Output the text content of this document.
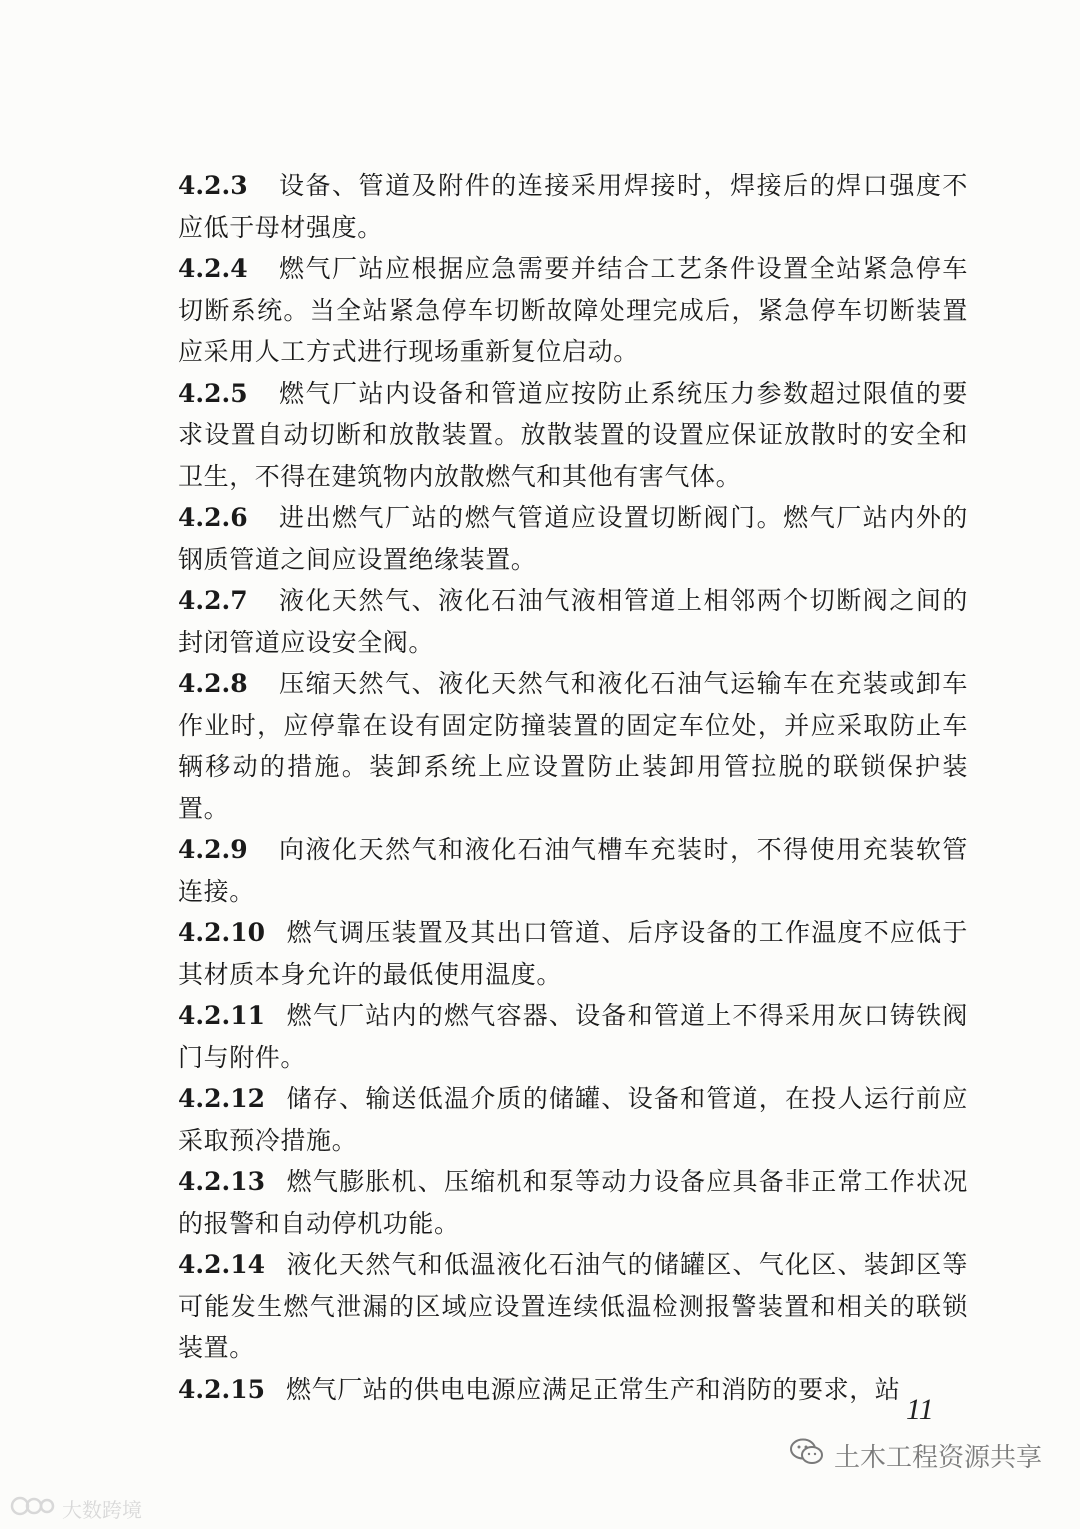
4.2.3 设备、管道及附件的连接采用焊接时，焊接后的焊口强度不应低于母材强度。

4.2.4 燃气厂站应根据应急需要并结合工艺条件设置全站紧急停车切断系统。当全站紧急停车切断故障处理完成后，紧急停车切断装置应采用人工方式进行现场重新复位启动。

4.2.5 燃气厂站内设备和管道应按防止系统压力参数超过限值的要求设置自动切断和放散装置。放散装置的设置应保证放散时的安全和卫生，不得在建筑物内放散燃气和其他有害气体。

4.2.6 进出燃气厂站的燃气管道应设置切断阀门。燃气厂站内外的钢质管道之间应设置绝缘装置。

4.2.7 液化天然气、液化石油气液相管道上相邻两个切断阀之间的封闭管道应设安全阀。

4.2.8 压缩天然气、液化天然气和液化石油气运输车在充装或卸车作业时，应停靠在设有固定防撞装置的固定车位处，并应采取防止车辆移动的措施。装卸系统上应设置防止装卸用管拉脱的联锁保护装置。

4.2.9 向液化天然气和液化石油气槽车充装时，不得使用充装软管连接。

4.2.10 燃气调压装置及其出口管道、后序设备的工作温度不应低于其材质本身允许的最低使用温度。

4.2.11 燃气厂站内的燃气容器、设备和管道上不得采用灰口铸铁阀门与附件。

4.2.12 储存、输送低温介质的储罐、设备和管道，在投人运行前应采取预冷措施。

4.2.13 燃气膨胀机、压缩机和泵等动力设备应具备非正常工作状况的报警和自动停机功能。

4.2.14 液化天然气和低温液化石油气的储罐区、气化区、装卸区等可能发生燃气泄漏的区域应设置连续低温检测报警装置和相关的联锁装置。

4.2.15 燃气厂站的供电电源应满足正常生产和消防的要求，站

11
土木工程资源共享
大数跨境
